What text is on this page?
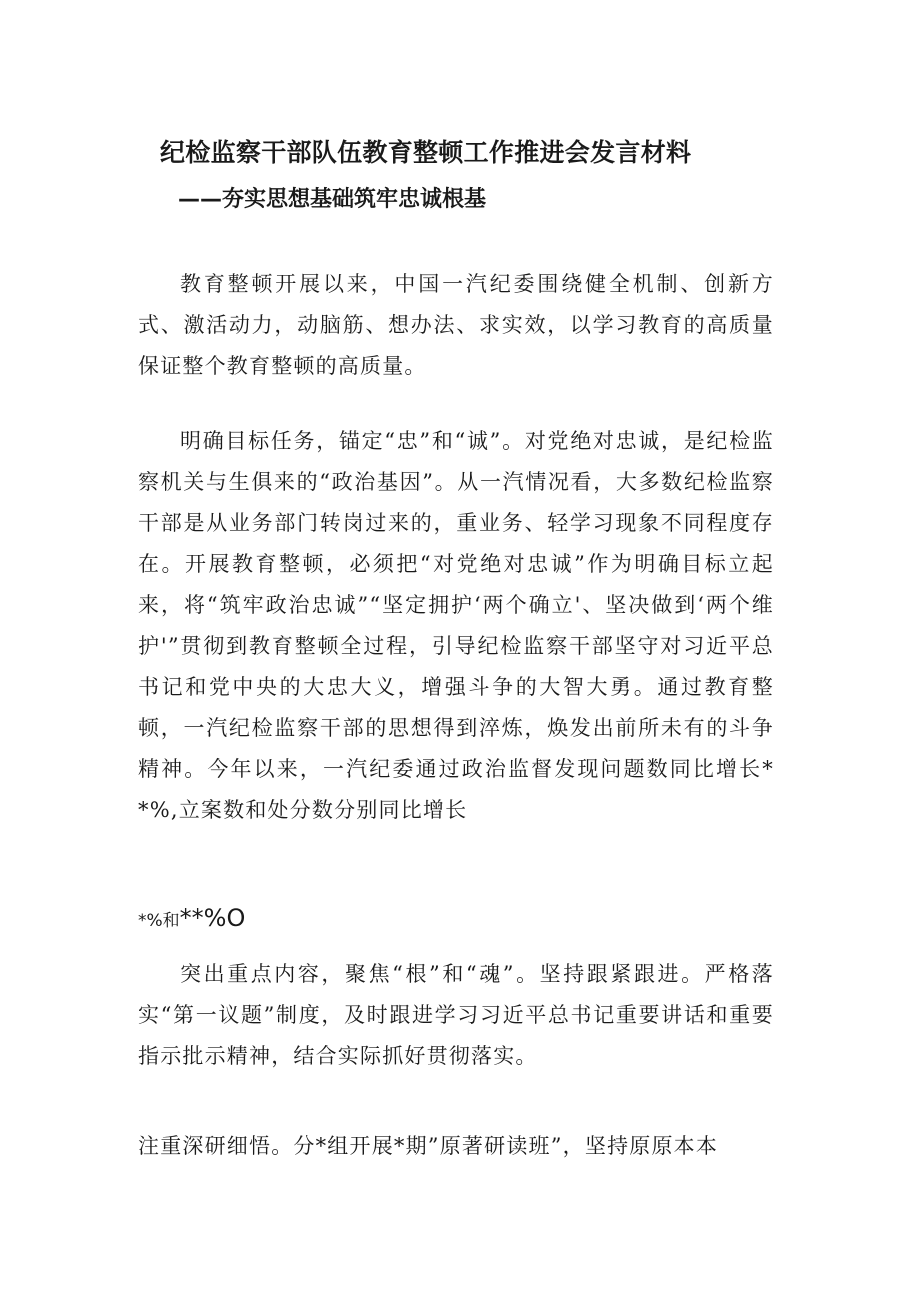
纪检监察干部队伍教育整顿工作推进会发言材料
——夯实思想基础筑牢忠诚根基

教育整顿开展以来，中国一汽纪委围绕健全机制、创新方式、激活动力，动脑筋、想办法、求实效，以学习教育的高质量保证整个教育整顿的高质量。

明确目标任务，锚定“忠”和“诚”。对党绝对忠诚，是纪检监察机关与生俱来的“政治基因”。从一汽情况看，大多数纪检监察干部是从业务部门转岗过来的，重业务、轻学习现象不同程度存在。开展教育整顿，必须把“对党绝对忠诚”作为明确目标立起来，将“筑牢政治忠诚”“坚定拥护‘两个确立'、坚决做到‘两个维护'”贯彻到教育整顿全过程，引导纪检监察干部坚守对习近平总书记和党中央的大忠大义，增强斗争的大智大勇。通过教育整顿，一汽纪检监察干部的思想得到淬炼，焕发出前所未有的斗争精神。今年以来，一汽纪委通过政治监督发现问题数同比增长**%,立案数和处分数分别同比增长

*%和**%O

突出重点内容，聚焦“根”和“魂”。坚持跟紧跟进。严格落实“第一议题”制度，及时跟进学习习近平总书记重要讲话和重要指示批示精神，结合实际抓好贯彻落实。

注重深研细悟。分*组开展*期”原著研读班”，坚持原原本本
